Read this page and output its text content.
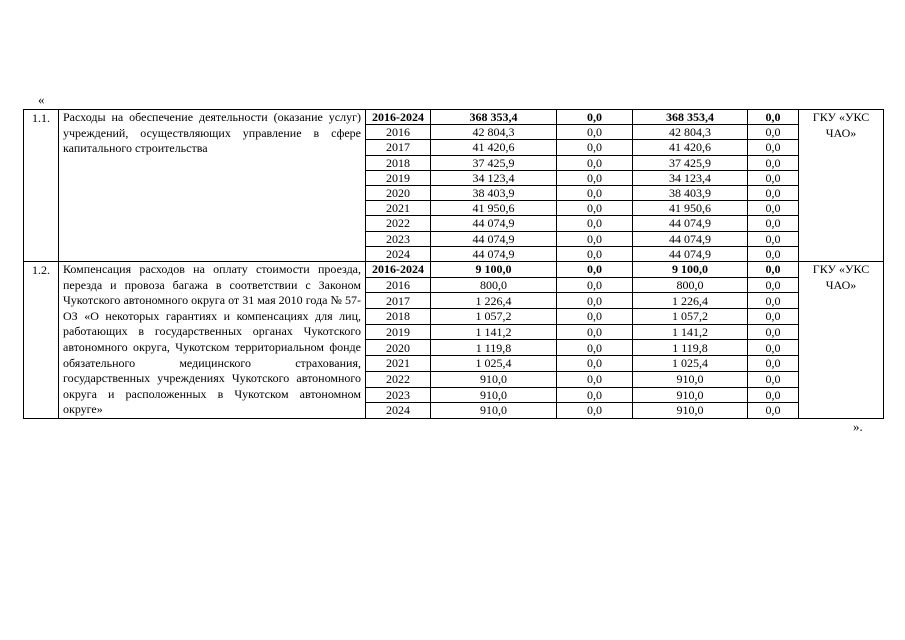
«
1.1.	Расходы на обеспечение деятельности (оказание услуг) учреждений, осуществляющих управление в сфере капитального строительства	2016-2024	368 353,4	0,0	368 353,4	0,0	ГКУ «УКС ЧАО»
		2016	42 804,3	0,0	42 804,3	0,0	
		2017	41 420,6	0,0	41 420,6	0,0	
		2018	37 425,9	0,0	37 425,9	0,0	
		2019	34 123,4	0,0	34 123,4	0,0	
		2020	38 403,9	0,0	38 403,9	0,0	
		2021	41 950,6	0,0	41 950,6	0,0	
		2022	44 074,9	0,0	44 074,9	0,0	
		2023	44 074,9	0,0	44 074,9	0,0	
		2024	44 074,9	0,0	44 074,9	0,0	
1.2.	Компенсация расходов на оплату стоимости проезда, перезда и провоза багажа в соответствии с Законом Чукотского автономного округа от 31 мая 2010 года № 57-ОЗ «О некоторых гарантиях и компенсациях для лиц, работающих в государственных органах Чукотского автономного округа, Чукотском территориальном фонде обязательного медицинского страхования, государственных учреждениях Чукотского автономного округа и расположенных в Чукотском автономном округе»	2016-2024	9 100,0	0,0	9 100,0	0,0	ГКУ «УКС ЧАО»
		2016	800,0	0,0	800,0	0,0	
		2017	1 226,4	0,0	1 226,4	0,0	
		2018	1 057,2	0,0	1 057,2	0,0	
		2019	1 141,2	0,0	1 141,2	0,0	
		2020	1 119,8	0,0	1 119,8	0,0	
		2021	1 025,4	0,0	1 025,4	0,0	
		2022	910,0	0,0	910,0	0,0	
		2023	910,0	0,0	910,0	0,0	
		2024	910,0	0,0	910,0	0,0	
».
